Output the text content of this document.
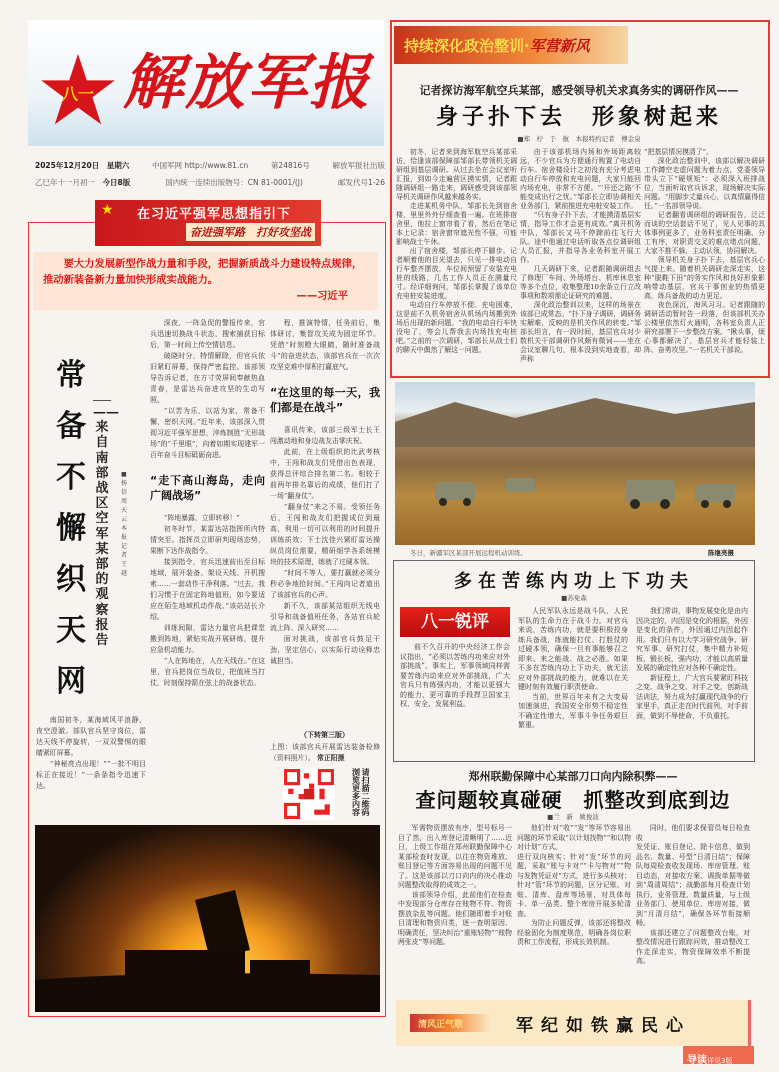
八一 解放军报
2025年12月20日　 星期六	中国军网 http://www.81.cn	第24816号	解放军报社出版
乙巳年十一月初一　 今日8版	国内统一连续出版物号：CN 81-0001/(J)	邮发代号1-26
★ 在习近平强军思想指引下
奋进强军路　打好攻坚战
要大力发展新型作战力量和手段，把握新质战斗力建设特点规律，推动新装备新力量加快形成实战能力。
——习近平
常备不懈织天网
——来自南部战区空军某部的观察报告
■杨　信　周天云　本报记者　王　越

南国初冬，某海域风平浪静，夜空澄澈。部队官兵坚守岗位，雷达天线不停旋转，一双双警惕的眼睛紧盯屏幕。

“神秘亮点出现！”“一批不明目标正在接近！”一条条指令迅速下达。

深夜，一阵急促的警报传来，官兵迅速切换战斗状态，搜索捕获目标后，第一时间上传空情信息。

破晓时分，特情解除，但官兵依旧紧盯屏幕，保持严密监控。该部领导告诉记者，在方寸荧屏间奉献热血青春，是雷达兵奋进攻坚的生动写照。

“以苦为乐，以站为家，常备不懈，密织天网。”近年来，该部深入贯彻习近平强军思想，淬炼制胜“无形战场”的“千里眼”，向着如期实现建军一百年奋斗目标砥砺奋进。

“走下高山海岛，走向广阔战场”

“阵地暴露，立即转移！”

初冬时节，某雷达站指挥所内特情突至。指挥员立即研判现场态势，果断下达作战指令。

接到指令，官兵迅速前出至目标地域，展开装备、架设天线、开机搜索……一套动作干净利落。“过去，我们习惯于在固定阵地值班，如今要适应在陌生地域机动作战。”该站站长介绍。

训练间隙，雷达力量官兵把课堂搬到阵地，紧贴实战开展研练，提升应急机动能力。

“人在阵地在，人在天线在。”在这里，官兵把岗位当战位，把值班当打仗，时刻保持箭在弦上的战备状态。

程，推演特情，任务前后，集体研讨，集智攻关成为固定环节。凭借“时刻瞪大眼睛，随时准备战斗”的奋进状态，该部官兵在一次次攻坚克难中厚积打赢底气。

“在这里的每一天，我们都是在战斗”

喜讯传来，该部三级军士长王闯激动地和身边战友击掌庆祝。

此前，在上级组织的比武考核中，王闯和战友们凭借出色表现，获得总评综合排名第二名。相较于前两年排名靠后的成绩，他们打了一场“翻身仗”。

“翻身仗”来之不易。受领任务后，王闯和战友们把握成位到最高，利用一切可以利用的时间提升训练质效；下士沈佳兴紧盯雷达操纵员岗位需要，精研细学各系统模块的技术原理，练就了过硬本领。

“时间不等人，要打赢就必须分秒必争地抢时间。”王闯向记者道出了该部官兵的心声。

新不久，该部某站组织无线电引导和战备值班任务，各站官兵轮流上阵、深入研究……

面对挑战，该部官兵鼓足干劲，坚定信心，以实际行动诠释忠诚担当。

（下转第三版）
上图：该部官兵开展雷达装备检修（资料照片）。 常正阳摄
请扫描二维码浏览更多内容
持续深化政治整训·军营新风
记者探访海军航空兵某部，感受领导机关求真务实的调研作风——
身子扑下去　形象树起来
■郑　柠　于　航　本报特约记者　傅金泉

初冬，记者来到海军航空兵某部采访，恰逢该部保障部邹部长带领机关调研组到基层调研。从过去坐在会议室听汇报，到如今走遍营区摸实情，记者跟随调研组一路走来，调研感受到该部领导机关调研作风越来越务实。

走进某机务中队，邹部长先到宿舍楼，里里外外仔细查看一遍。在班排宿舍里，他拉上窗帘看了看，然后在笔记本上记录：宿舍窗帘遮光性不强，可能影响战士午休。

出了宿舍楼，邹部长停下脚步。记者顺着他的目光望去，只见一排电动自行车整齐摆放，车位间预留了安装充电桩的线路，几名工作人员正在测量尺寸。经详细询问，邹部长掌握了该单位充电桩安装进度。

电动自行车停放不便、充电困难，这是前不久机务宿舍从机场内场搬到外场后出现的新问题。“我的电动自行车快没电了，等会儿帮我去内场找充电桩吧。”之前的一次调研，邹部长从战士们的聊天中偶然了解这一问题。

由于该部机场内场和外场距离较远，不少官兵为方便通行购置了电动自行车。宿舍楼设计之初没有充分考虑电动自行车停放和充电问题，大家只能回内场充电，非常不方便。“‘开还之路’不能变成出行之忧。”邹部长立即协调相关业务部门，紧前推进充电桩安装工作。

“只有身子扑下去，才能摸清基层实情，指导工作才会更有成效。”离开机务中队，邹部长又马不停蹄前往飞行大队。途中他通过电话听取各点位调研组人员汇报，并指导各业务科室开展工作。

几天调研下来，记者跟随调研组去了修理厂车间、外场塔台、机库休息室等多个点位，收集整理10余条立行立改事项和数项需论证研究的难题。

深化政治整训以来，这样的场景在该部已成常态。“扑下身子调研，调研务实解难，反映的是机关作风的转变。”邹部长坦言，有一段时间，基层官兵对少数机关干部调研作风颇有微词——坐在会议室聊几句，根本没到实地查看，却声称

“把基层情况摸清了”。

深化政治整训中，该部以解决调研工作蹲空走虚问题为着力点，党委领导带头立下“硬规矩”：必须深入班排战位，当面听取官兵诉求，现场解决实际问题。“用脚步丈量兵心，以真情赢得信任。”一名部领导说。

记者翻看调研组的调研报告，泛泛而谈的空话套话不见了，见人见事的具体事例更多了，业务科室责任明确、分工有序，对职责交叉的难点堵点问题，大家不推不躲，主动认领，协同解决。

领导机关身子扑下去，基层官兵心气提上来。随着机关调研走深走实，这种“脱鞋下田”的务实作风和良好形象影响带动基层，官兵干事创业的热情更高，练兵备战的动力更足。

夜色深沉，海风习习。记者跟随的调研活动暂时告一段落，但该部机关办公楼里依然灯火通明，各科室负责人正研究部署下一步整改方案。“揪头事，烦心事都解决了，基层官兵才能轻装上阵、奋勇攻坚。”一名机关干部说。

冬日，新疆军区某部开展远程机动训练。	陈继亮摄
多在苦练内功上下功夫
■苏免森
八一锐评

前不久召开的中央经济工作会议指出，“必须以苦练内功来应对外部挑战”。事实上，军事领域同样需要苦练内动来应对外部挑战，广大官兵只有练强内功，才能以更强大的能力，更可靠的手段捍卫国家主权、安全、发展利益。

人民军队永远是战斗队，人民军队的生命力在于战斗力。对官兵来说，苦练内功，就是要积极投身练兵备战，练就能打仗、打胜仗的过硬本领，确保一旦有事能够召之即来、来之能战、战之必胜。如果不多在苦练内功上下功夫，就无法应对外部挑战的能力，就难以在关键时刻有效履行职责使命。

当前，世界百年未有之大变局加速演进，我国安全形势不稳定性不确定性增大，军事斗争任务艰巨繁重。

我们常讲，事物发展变化是由内因决定的，内因是变化的根据，外因是变化的条件，外因通过内因起作用。我们只有以大学习研究战争、研究军事、研究打仗，集中精力补短板、锻长板，强内功，才能以高质量发展的确定性应对各种不确定性。

新征程上，广大官兵要紧盯科技之变、战争之变、对手之变，创新战法训法，努力成为打赢现代战争的行家里手，真正走在时代前列，对手前面，做到不辱使命、不负重托。

郑州联勤保障中心某部刀口向内除积弊——
查问题较真碰硬　抓整改到底到边
■兰　新　姚俊波

军需物资摆放有序，型号标号一目了然，出入库登记清晰明了……近日，上级工作组在郑州联勤保障中心某部检查时发现，以往在物资堆放、账目登记等方面容易出现的问题不见了。这是该部以刀口向内的决心推动问题整改取得的成效之一。

该部领导介绍，此前他们在检查中发现部分仓库存在账物不符、物资摆放杂乱等问题。他们随即着手对账目清理和物资归类，逐一查明原因、明确责任，坚决纠治“重账轻物”“账物两张皮”等问题。

他们针对“收”“发”等环节容易出问题的环节采取“以计划找物”“和以物对计划”方式。

进行双向核实；针对“发”环节的问题，采取“账与卡对”“卡与物对”“物与发物凭证对”方式，进行多头核对；针对“管”环节的问题，区分记账、对账、清库、盘库等场景，对具体每卡、单一品类、整个库房开展多轮清查。

为防止问题反弹，该部还将整改经验固化为制度规范，明确各岗位职责和工作流程，形成长效机制。

同时，他们要求保管员每日检查收

发凭证、账目登记、除卡信息，做到品名、数量、号型“日清日结”；保障队每周检查收发现场、库房管理、账目动态，对接收方案、调拨单据等做到“周清周结”；战勤部每月检查计划执行、业务管理、数量质量，与上级业务部门、使用单位、库房对接，做到“月清月结”，确保各环节衔接顺畅。

该部还建立了问题整改台账，对整改情况进行跟踪问效，推动整改工作走深走实，物资保障效率不断提高。

清风正气歌	军纪如铁赢民心
导读详见3版
